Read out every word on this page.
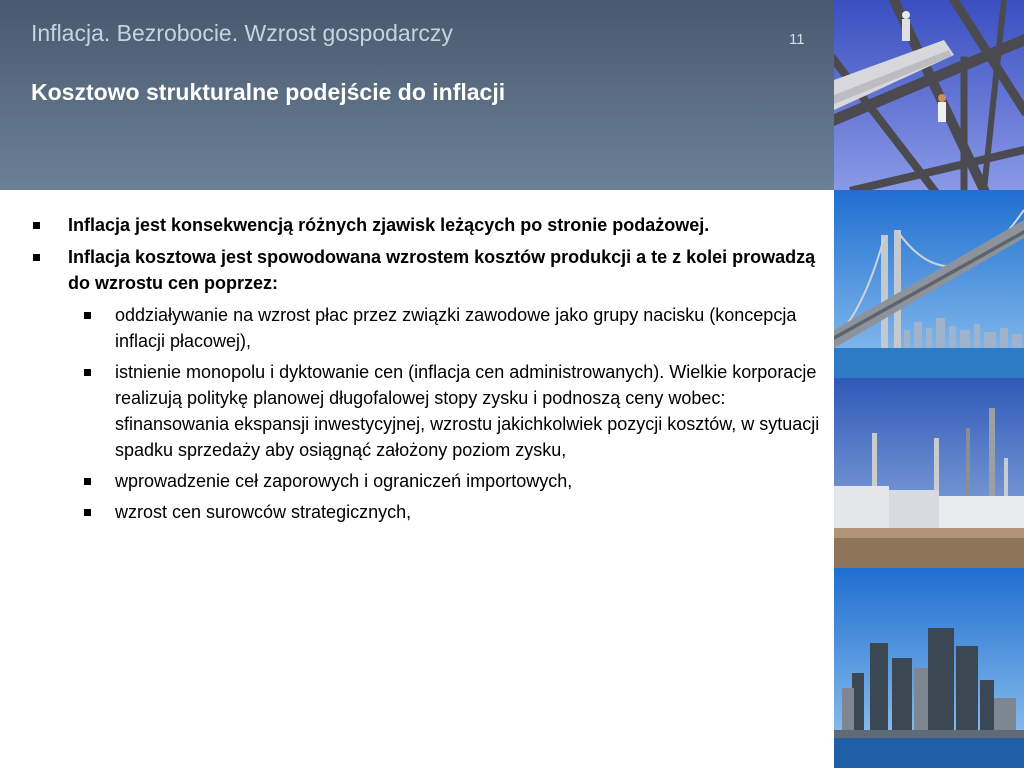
Inflacja. Bezrobocie. Wzrost gospodarczy	11
Kosztowo strukturalne podejście do inflacji
Inflacja jest konsekwencją różnych zjawisk leżących po stronie podażowej.
Inflacja kosztowa jest spowodowana wzrostem kosztów produkcji a te z kolei prowadzą do wzrostu cen poprzez:
oddziaływanie na wzrost płac przez związki zawodowe jako grupy nacisku (koncepcja inflacji płacowej),
istnienie monopolu i dyktowanie cen (inflacja cen administrowanych). Wielkie korporacje realizują politykę planowej długofalowej stopy zysku i podnoszą ceny wobec: sfinansowania ekspansji inwestycyjnej, wzrostu jakichkolwiek pozycji kosztów, w sytuacji spadku sprzedaży aby osiągnąć założony poziom zysku,
wprowadzenie ceł zaporowych i ograniczeń importowych,
wzrost cen surowców strategicznych,
